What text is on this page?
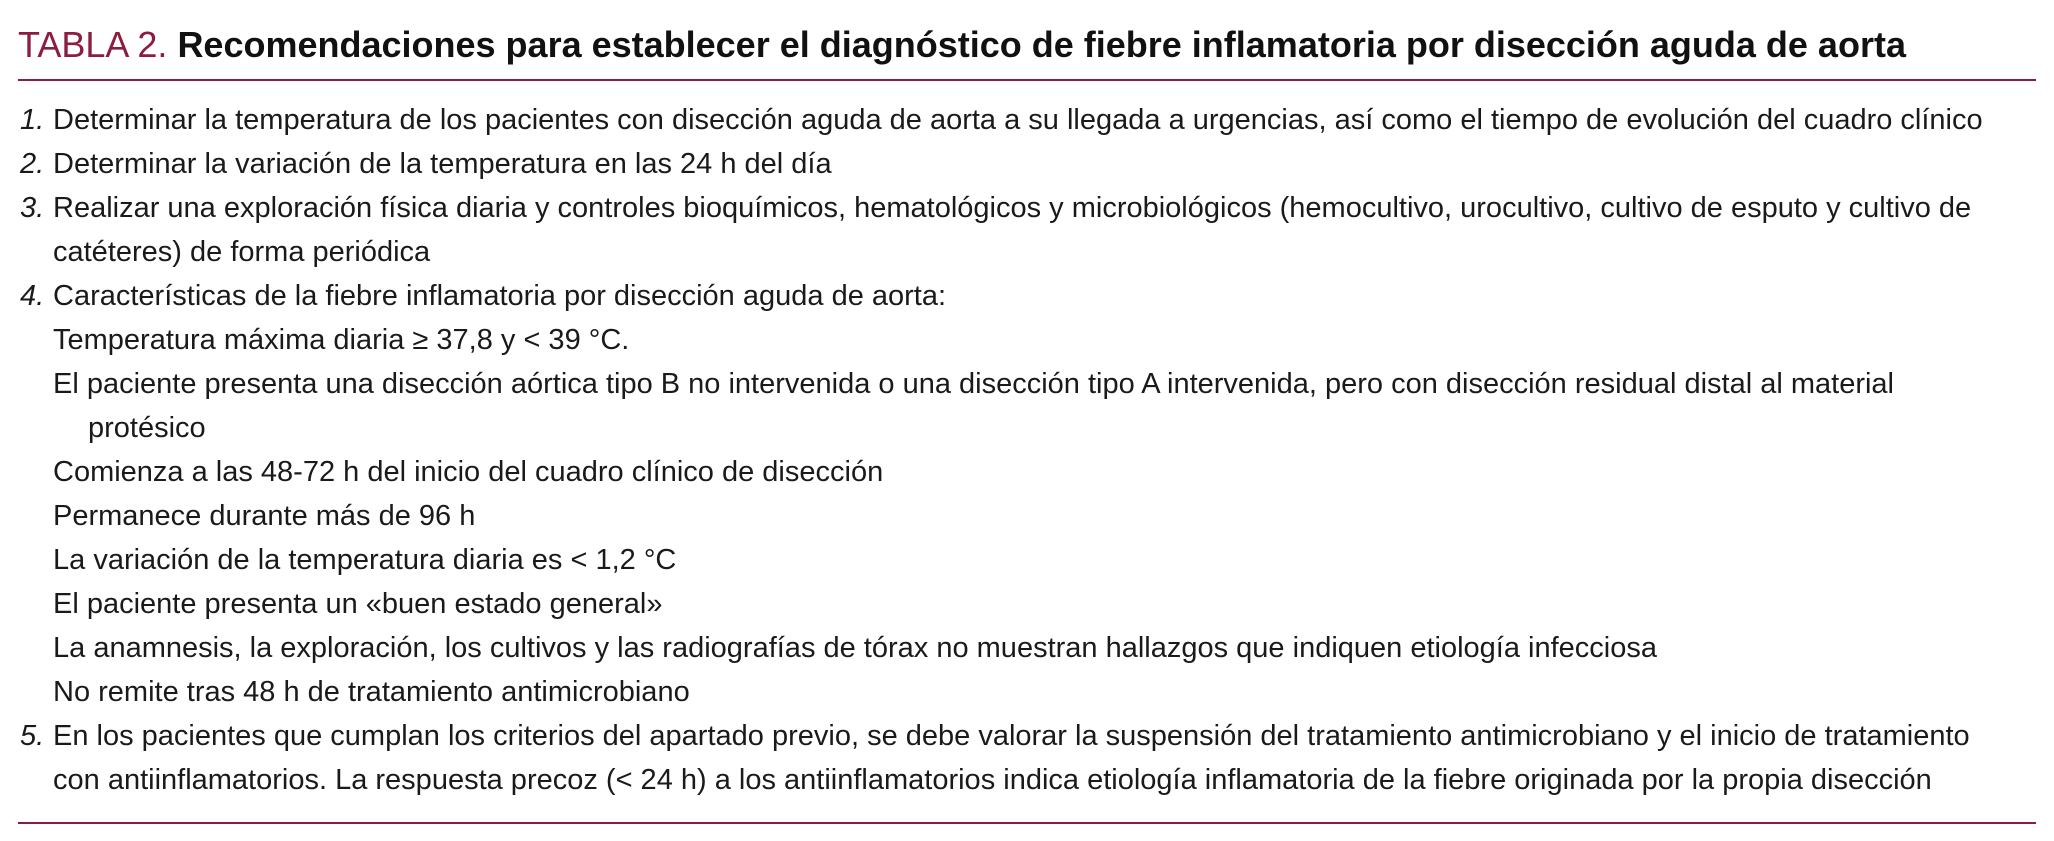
TABLA 2. Recomendaciones para establecer el diagnóstico de fiebre inflamatoria por disección aguda de aorta
1. Determinar la temperatura de los pacientes con disección aguda de aorta a su llegada a urgencias, así como el tiempo de evolución del cuadro clínico
2. Determinar la variación de la temperatura en las 24 h del día
3. Realizar una exploración física diaria y controles bioquímicos, hematológicos y microbiológicos (hemocultivo, urocultivo, cultivo de esputo y cultivo de
catéteres) de forma periódica
4. Características de la fiebre inflamatoria por disección aguda de aorta:
Temperatura máxima diaria ≥ 37,8 y < 39 °C.
El paciente presenta una disección aórtica tipo B no intervenida o una disección tipo A intervenida, pero con disección residual distal al material
protésico
Comienza a las 48-72 h del inicio del cuadro clínico de disección
Permanece durante más de 96 h
La variación de la temperatura diaria es < 1,2 °C
El paciente presenta un «buen estado general»
La anamnesis, la exploración, los cultivos y las radiografías de tórax no muestran hallazgos que indiquen etiología infecciosa
No remite tras 48 h de tratamiento antimicrobiano
5. En los pacientes que cumplan los criterios del apartado previo, se debe valorar la suspensión del tratamiento antimicrobiano y el inicio de tratamiento
con antiinflamatorios. La respuesta precoz (< 24 h) a los antiinflamatorios indica etiología inflamatoria de la fiebre originada por la propia disección
